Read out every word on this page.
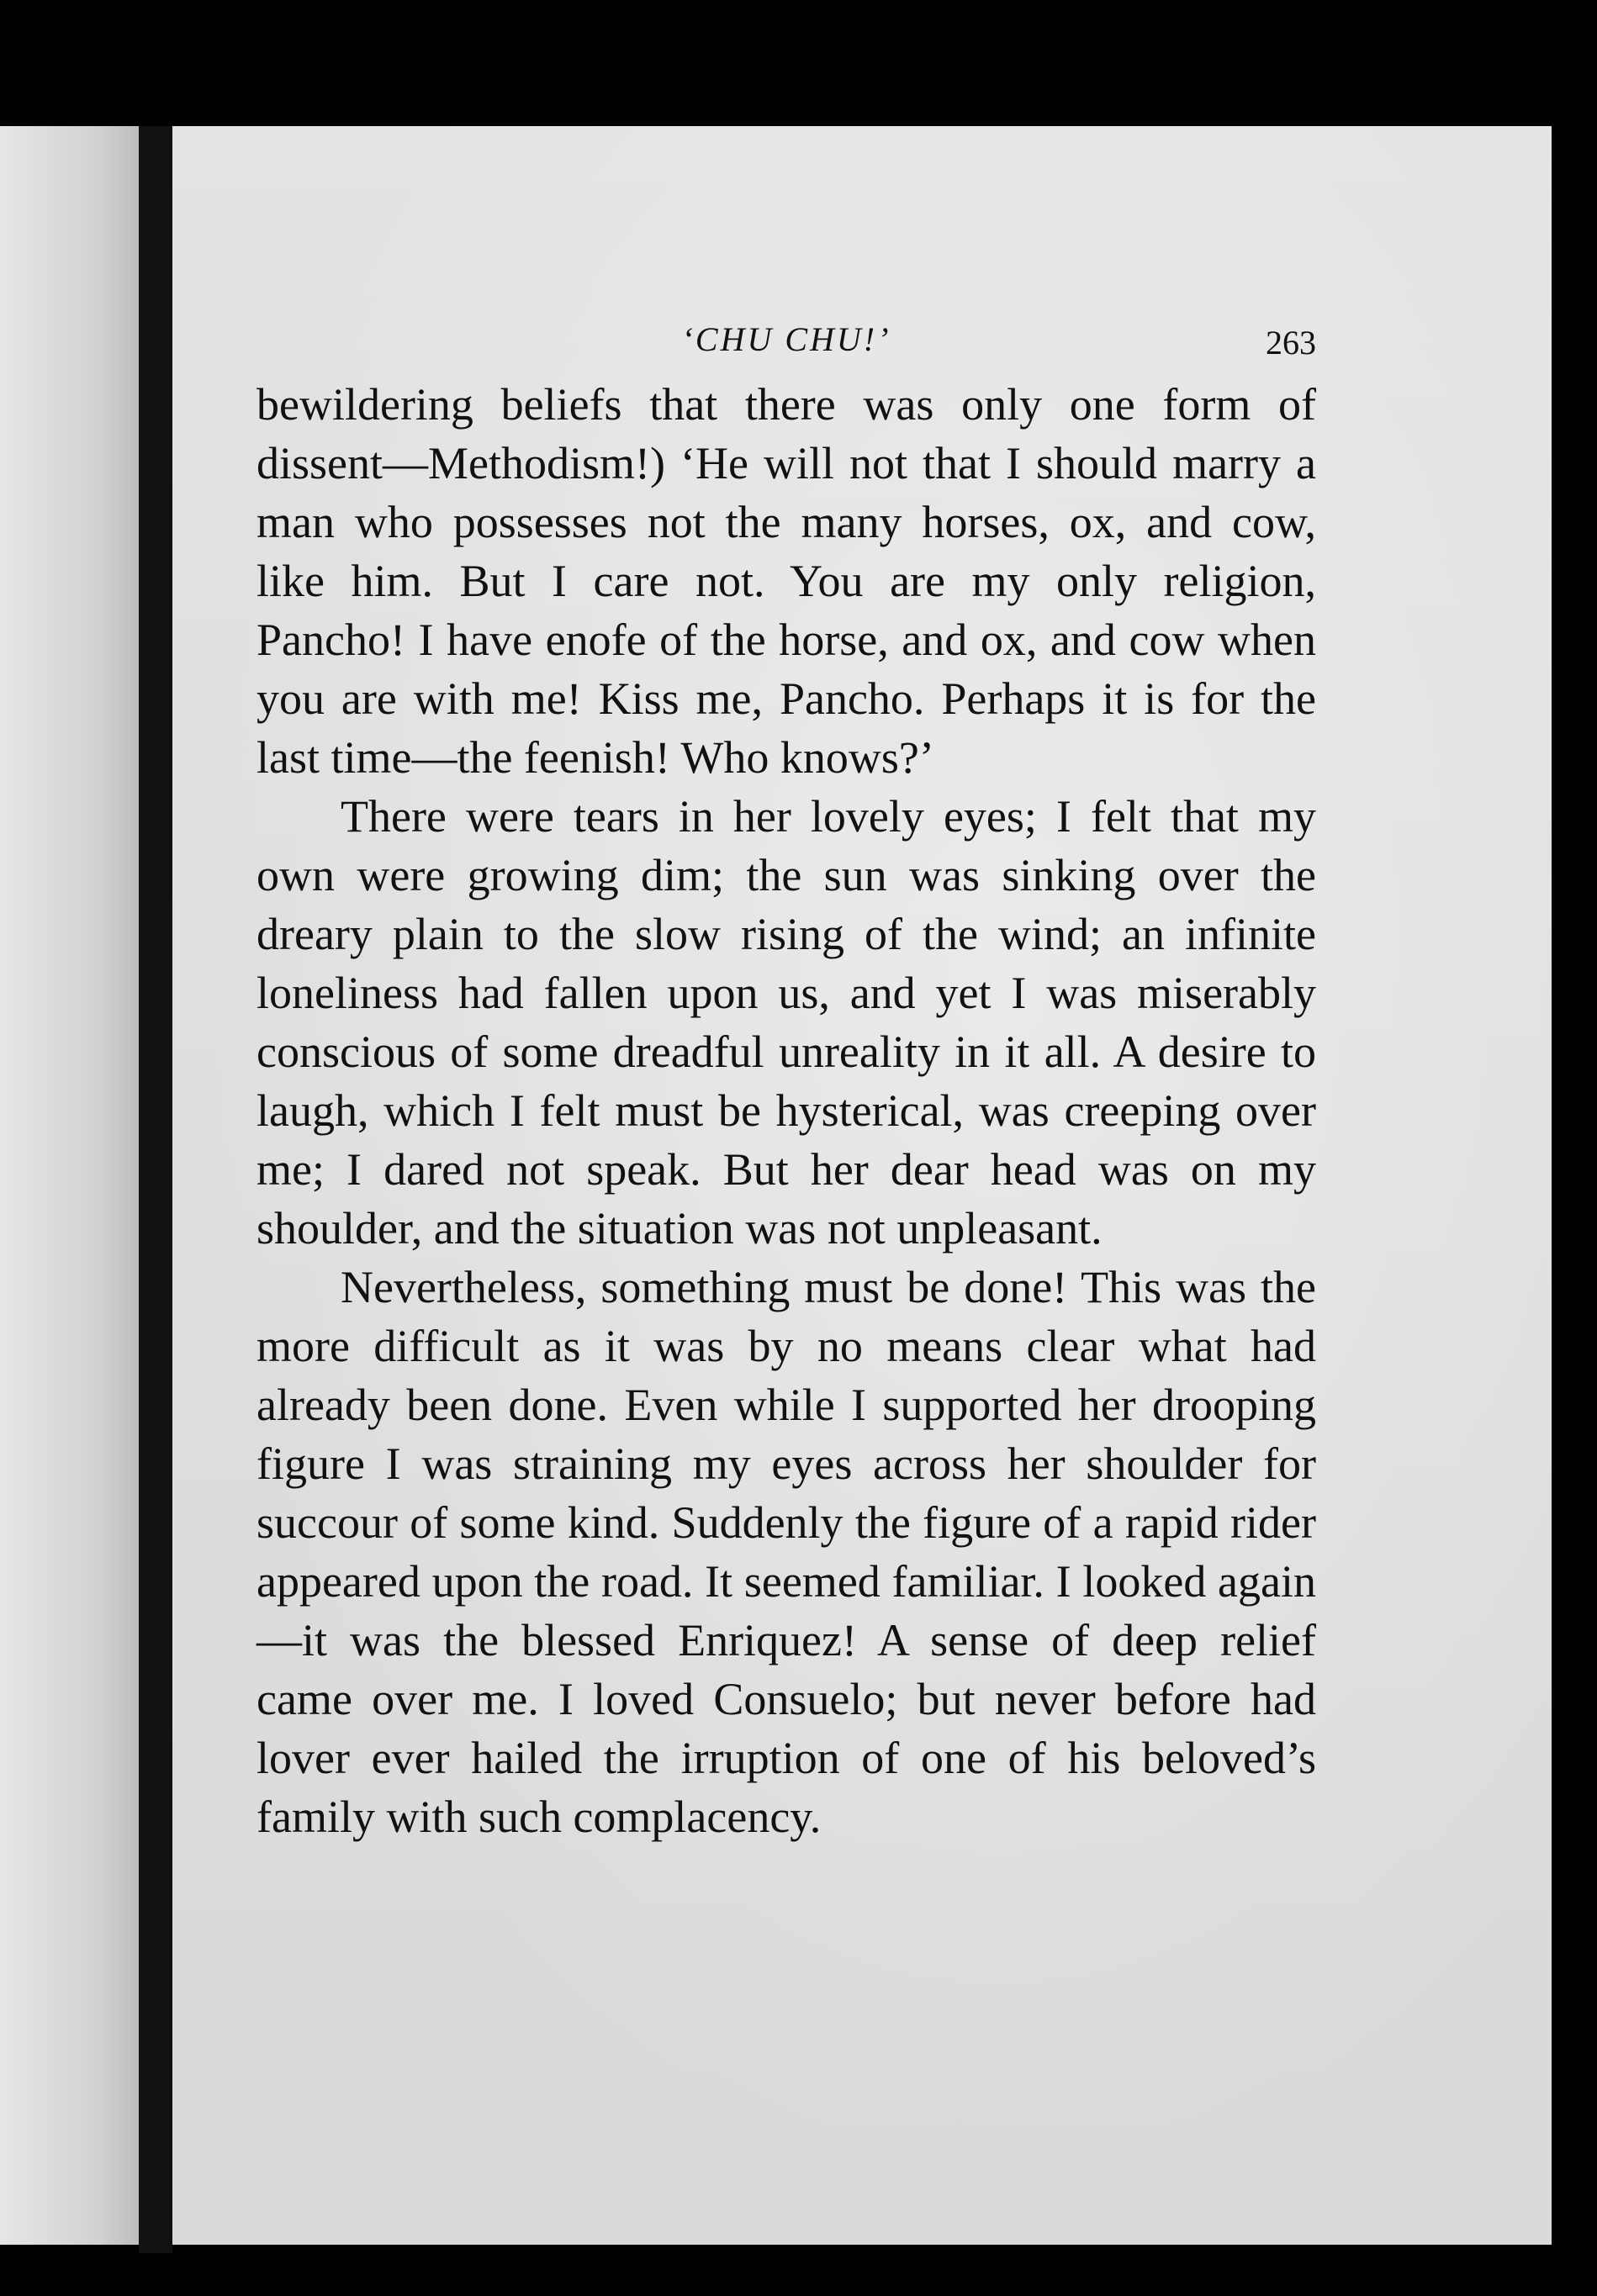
‘CHU CHU!’	263

bewildering beliefs that there was only one form of dissent—Methodism!) ‘He will not that I should marry a man who possesses not the many horses, ox, and cow, like him. But I care not. You are my only religion, Pancho! I have enofe of the horse, and ox, and cow when you are with me! Kiss me, Pancho. Perhaps it is for the last time—the feenish! Who knows?’

There were tears in her lovely eyes; I felt that my own were growing dim; the sun was sinking over the dreary plain to the slow rising of the wind; an infinite loneliness had fallen upon us, and yet I was miserably conscious of some dreadful unreality in it all. A desire to laugh, which I felt must be hysterical, was creeping over me; I dared not speak. But her dear head was on my shoulder, and the situation was not unpleasant.

Nevertheless, something must be done! This was the more difficult as it was by no means clear what had already been done. Even while I supported her drooping figure I was straining my eyes across her shoulder for succour of some kind. Suddenly the figure of a rapid rider appeared upon the road. It seemed familiar. I looked again—it was the blessed Enriquez! A sense of deep relief came over me. I loved Consuelo; but never before had lover ever hailed the irruption of one of his beloved’s family with such complacency.
